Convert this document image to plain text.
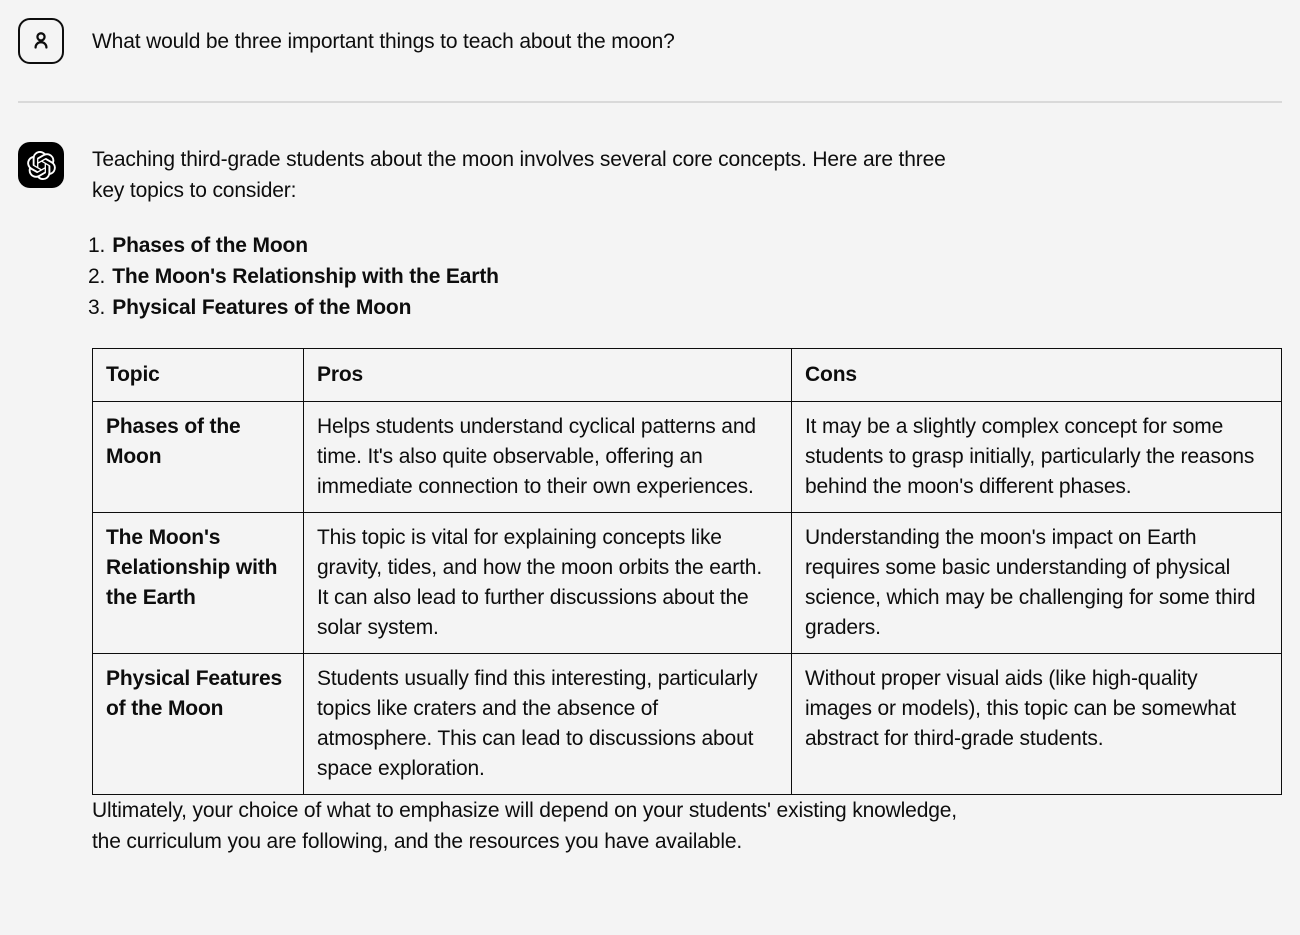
What would be three important things to teach about the moon?

Teaching third-grade students about the moon involves several core concepts. Here are three key topics to consider:

1. Phases of the Moon
2. The Moon's Relationship with the Earth
3. Physical Features of the Moon
Topic	Pros	Cons
Phases of the Moon	Helps students understand cyclical patterns and time. It's also quite observable, offering an immediate connection to their own experiences.	It may be a slightly complex concept for some students to grasp initially, particularly the reasons behind the moon's different phases.
The Moon's Relationship with the Earth	This topic is vital for explaining concepts like gravity, tides, and how the moon orbits the earth. It can also lead to further discussions about the solar system.	Understanding the moon's impact on Earth requires some basic understanding of physical science, which may be challenging for some third graders.
Physical Features of the Moon	Students usually find this interesting, particularly topics like craters and the absence of atmosphere. This can lead to discussions about space exploration.	Without proper visual aids (like high-quality images or models), this topic can be somewhat abstract for third-grade students.

Ultimately, your choice of what to emphasize will depend on your students' existing knowledge, the curriculum you are following, and the resources you have available.
